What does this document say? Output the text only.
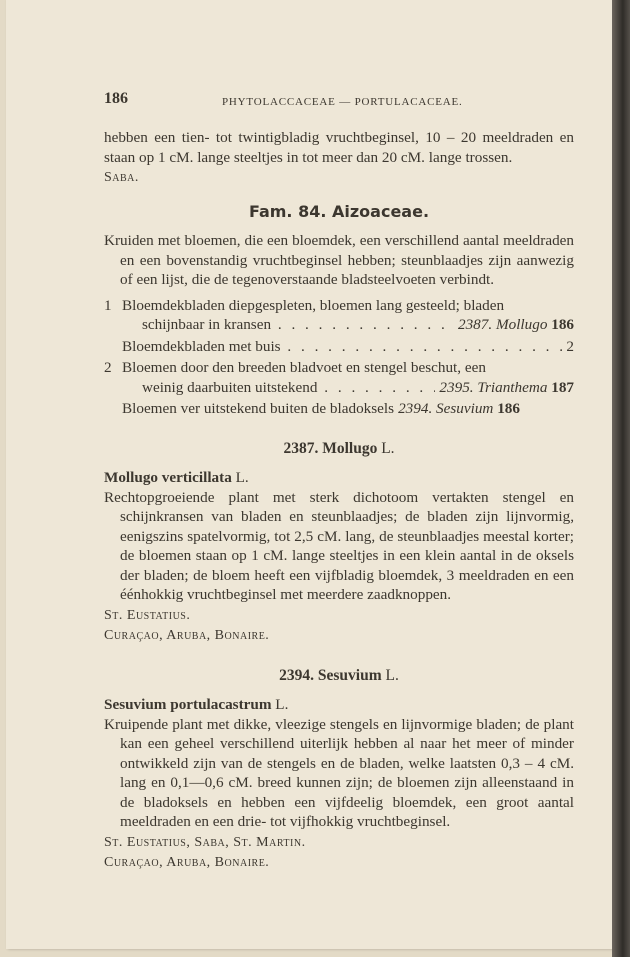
186	PHYTOLACCACEAE — PORTULACACEAE.

hebben een tien- tot twintigbladig vruchtbeginsel, 10 – 20 meeldraden en staan op 1 cM. lange steeltjes in tot meer dan 20 cM. lange trossen.

Saba.

Fam. 84. Aizoaceae.

Kruiden met bloemen, die een bloemdek, een verschillend aantal meeldraden en een bovenstandig vruchtbeginsel hebben; steunblaadjes zijn aanwezig of een lijst, die de tegenoverstaande bladsteelvoeten verbindt.

1 Bloemdekbladen diepgespleten, bloemen lang gesteeld; bladen
schijnbaar in kransen . . .	2387. Mollugo 186
Bloemdekbladen met buis . . .	2
2 Bloemen door den breeden bladvoet en stengel beschut, een
weinig daarbuiten uitstekend . . .	2395. Trianthema 187
Bloemen ver uitstekend buiten de bladoksels 2394. Sesuvium 186
2387. Mollugo L.

Mollugo verticillata L.

Rechtopgroeiende plant met sterk dichotoom vertakten stengel en schijnkransen van bladen en steunblaadjes; de bladen zijn lijnvormig, eenigszins spatelvormig, tot 2,5 cM. lang, de steunblaadjes meestal korter; de bloemen staan op 1 cM. lange steeltjes in een klein aantal in de oksels der bladen; de bloem heeft een vijfbladig bloemdek, 3 meeldraden en een éénhokkig vruchtbeginsel met meerdere zaadknoppen.

St. Eustatius.

Curaçao, Aruba, Bonaire.

2394. Sesuvium L.

Sesuvium portulacastrum L.

Kruipende plant met dikke, vleezige stengels en lijnvormige bladen; de plant kan een geheel verschillend uiterlijk hebben al naar het meer of minder ontwikkeld zijn van de stengels en de bladen, welke laatsten 0,3 – 4 cM. lang en 0,1—0,6 cM. breed kunnen zijn; de bloemen zijn alleenstaand in de bladoksels en hebben een vijfdeelig bloemdek, een groot aantal meeldraden en een drie- tot vijfhokkig vruchtbeginsel.

St. Eustatius, Saba, St. Martin.

Curaçao, Aruba, Bonaire.
